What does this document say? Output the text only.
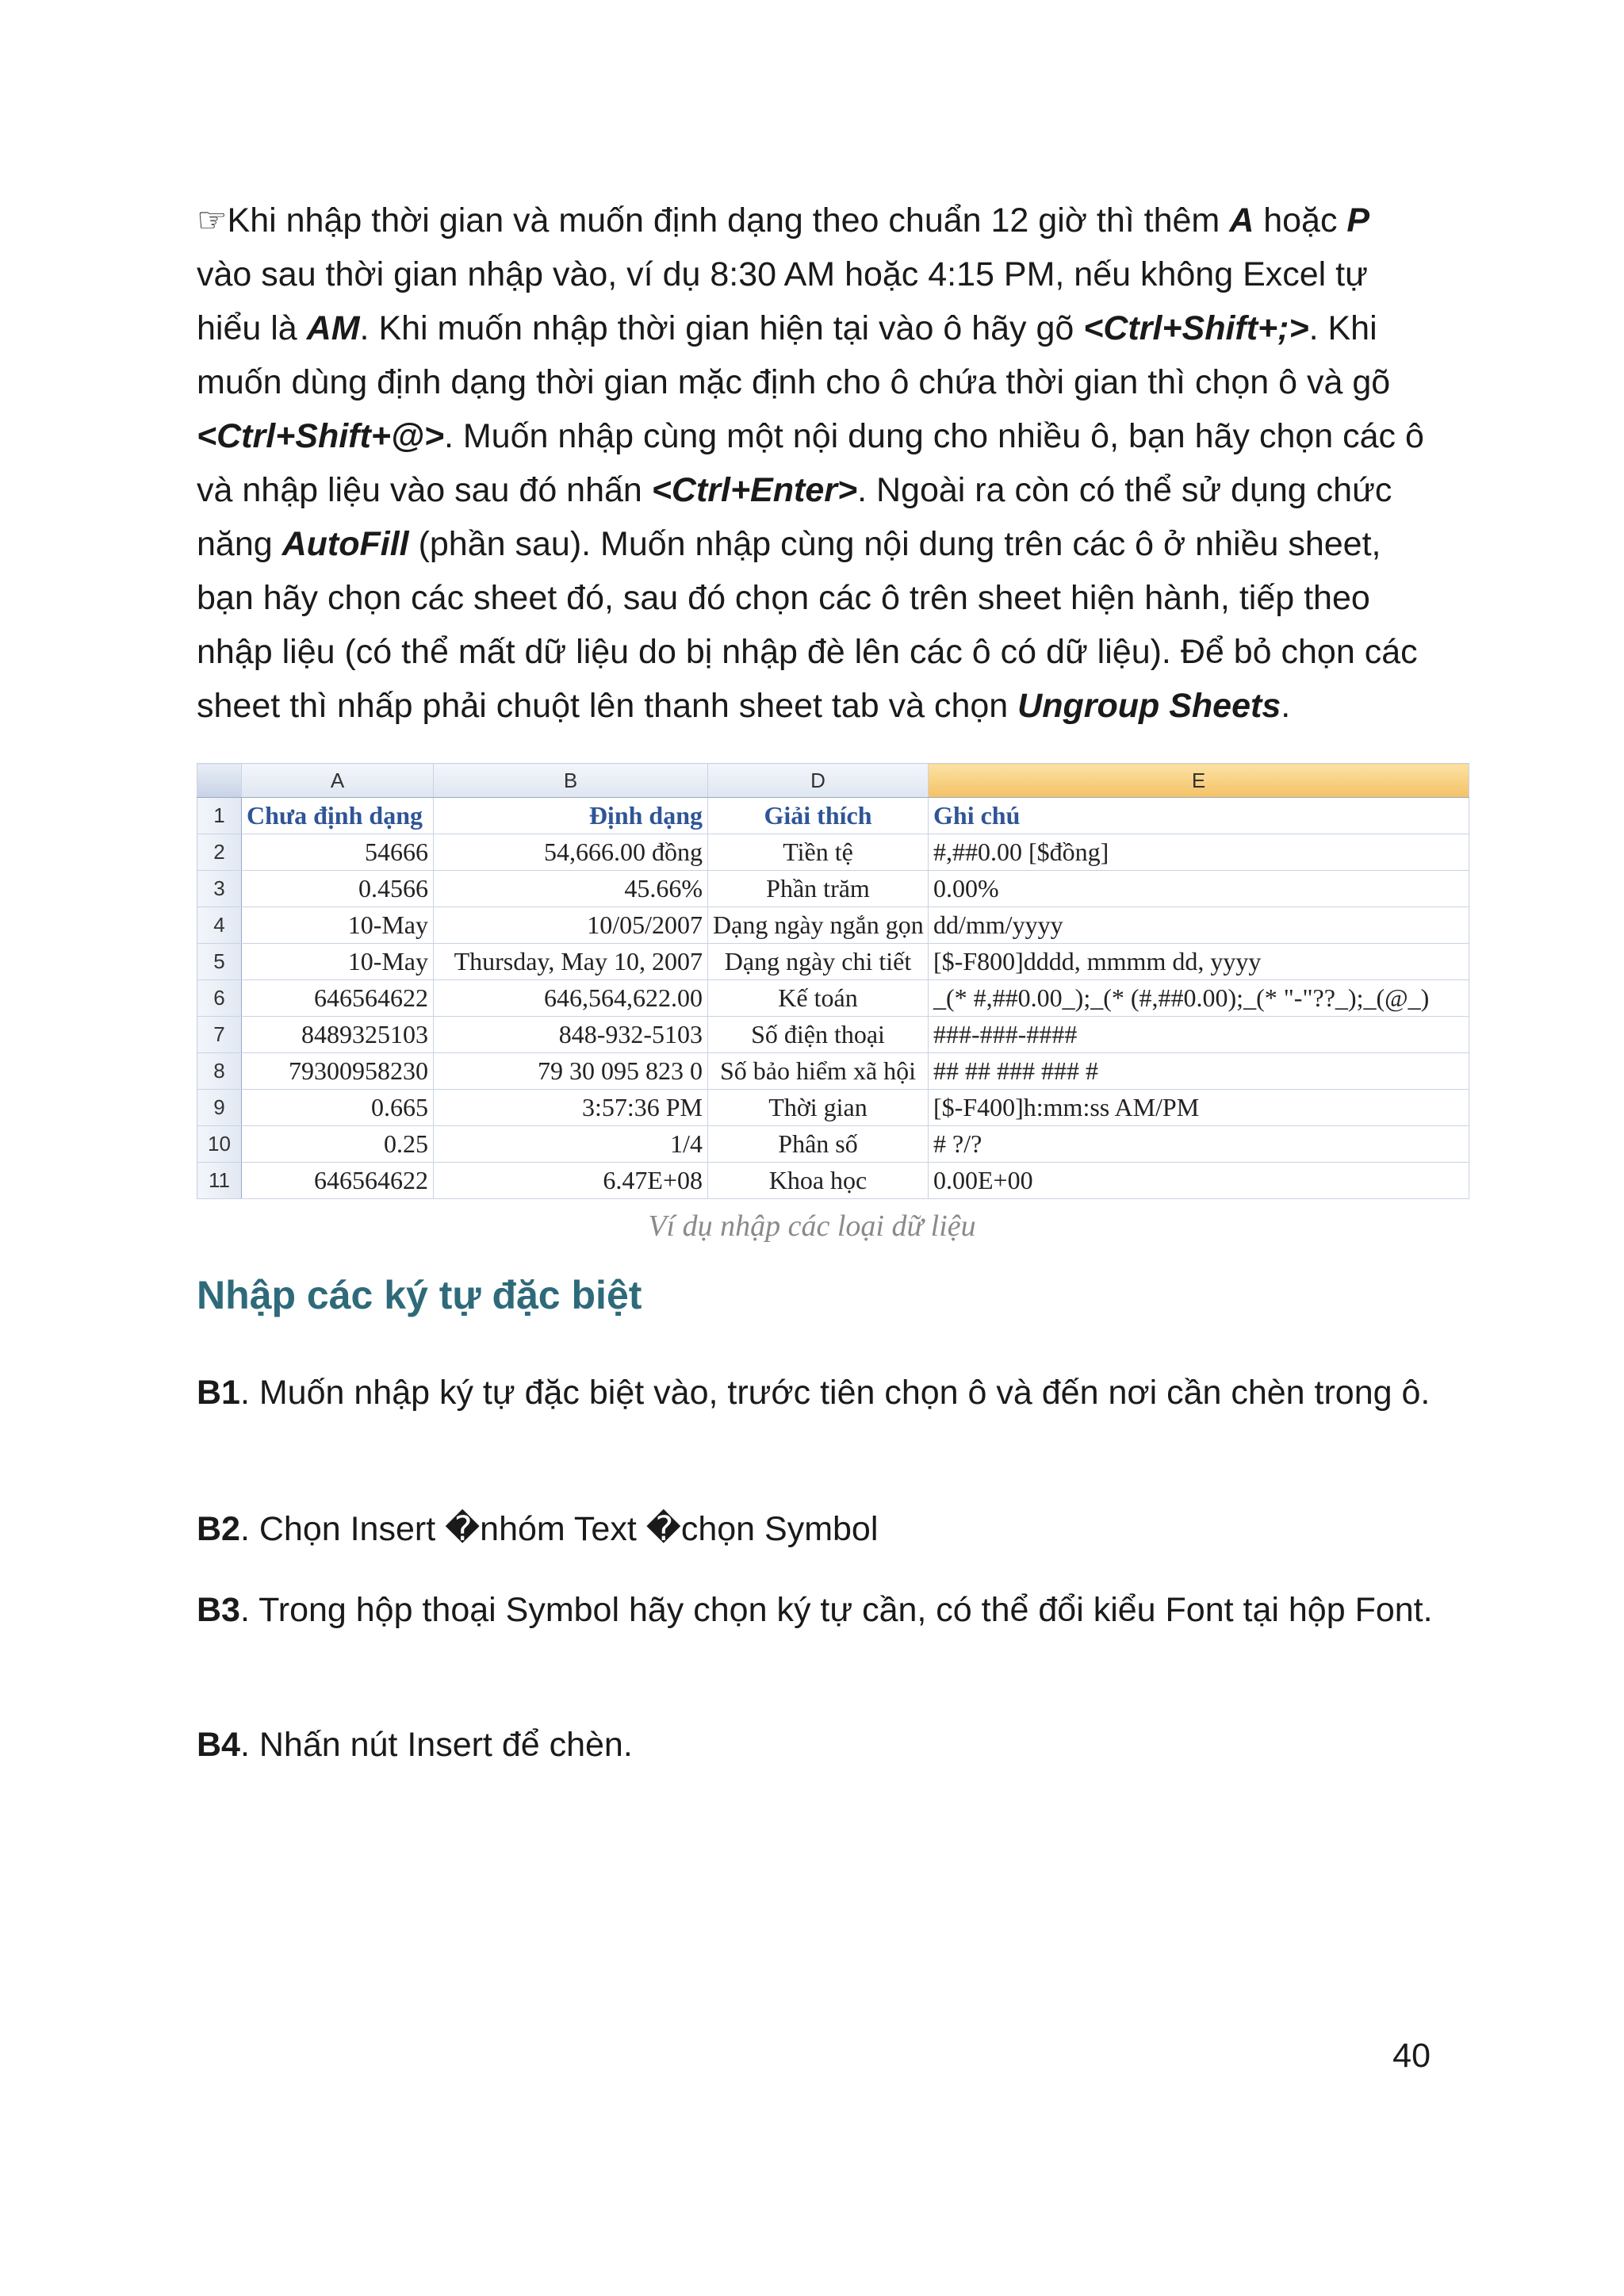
☞Khi nhập thời gian và muốn định dạng theo chuẩn 12 giờ thì thêm A hoặc P vào sau thời gian nhập vào, ví dụ 8:30 AM hoặc 4:15 PM, nếu không Excel tự hiểu là AM. Khi muốn nhập thời gian hiện tại vào ô hãy gõ <Ctrl+Shift+;>. Khi muốn dùng định dạng thời gian mặc định cho ô chứa thời gian thì chọn ô và gõ <Ctrl+Shift+@>. Muốn nhập cùng một nội dung cho nhiều ô, bạn hãy chọn các ô và nhập liệu vào sau đó nhấn <Ctrl+Enter>. Ngoài ra còn có thể sử dụng chức năng AutoFill (phần sau). Muốn nhập cùng nội dung trên các ô ở nhiều sheet, bạn hãy chọn các sheet đó, sau đó chọn các ô trên sheet hiện hành, tiếp theo nhập liệu (có thể mất dữ liệu do bị nhập đè lên các ô có dữ liệu). Để bỏ chọn các sheet thì nhấp phải chuột lên thanh sheet tab và chọn Ungroup Sheets.

	A	B	D	E
1	Chưa định dạng	Định dạng	Giải thích	Ghi chú
2	54666	54,666.00 đồng	Tiền tệ	#,##0.00 [$đồng]
3	0.4566	45.66%	Phần trăm	0.00%
4	10-May	10/05/2007	Dạng ngày ngắn gọn	dd/mm/yyyy
5	10-May	Thursday, May 10, 2007	Dạng ngày chi tiết	[$-F800]dddd, mmmm dd, yyyy
6	646564622	646,564,622.00	Kế toán	_(* #,##0.00_);_(* (#,##0.00);_(* "-"??_);_(@_)
7	8489325103	848-932-5103	Số điện thoại	###-###-####
8	79300958230	79 30 095 823 0	Số bảo hiểm xã hội	## ## ### ### #
9	0.665	3:57:36 PM	Thời gian	[$-F400]h:mm:ss AM/PM
10	0.25	1/4	Phân số	# ?/?
11	646564622	6.47E+08	Khoa học	0.00E+00
Ví dụ nhập các loại dữ liệu
Nhập các ký tự đặc biệt

B1. Muốn nhập ký tự đặc biệt vào, trước tiên chọn ô và đến nơi cần chèn trong ô.

B2. Chọn Insert �nhóm Text �chọn Symbol

B3. Trong hộp thoại Symbol hãy chọn ký tự cần, có thể đổi kiểu Font tại hộp Font.

B4. Nhấn nút Insert để chèn.

40
